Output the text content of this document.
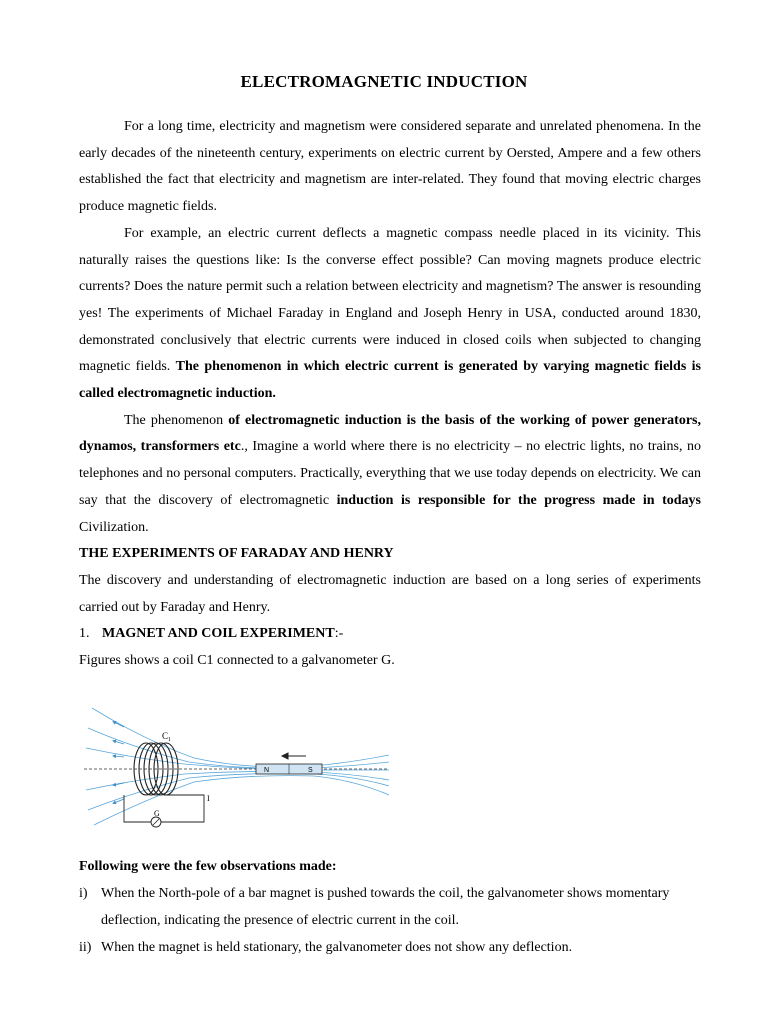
ELECTROMAGNETIC INDUCTION

For a long time, electricity and magnetism were considered separate and unrelated phenomena. In the early decades of the nineteenth century, experiments on electric current by Oersted, Ampere and a few others established the fact that electricity and magnetism are inter-related. They found that moving electric charges produce magnetic fields.

For example, an electric current deflects a magnetic compass needle placed in its vicinity. This naturally raises the questions like: Is the converse effect possible? Can moving magnets produce electric currents? Does the nature permit such a relation between electricity and magnetism? The answer is resounding yes! The experiments of Michael Faraday in England and Joseph Henry in USA, conducted around 1830, demonstrated conclusively that electric currents were induced in closed coils when subjected to changing magnetic fields. The phenomenon in which electric current is generated by varying magnetic fields is called electromagnetic induction.

The phenomenon of electromagnetic induction is the basis of the working of power generators, dynamos, transformers etc., Imagine a world where there is no electricity – no electric lights, no trains, no telephones and no personal computers. Practically, everything that we use today depends on electricity. We can say that the discovery of electromagnetic induction is responsible for the progress made in todays Civilization.

THE EXPERIMENTS OF FARADAY AND HENRY

The discovery and understanding of electromagnetic induction are based on a long series of experiments carried out by Faraday and Henry.

1. MAGNET AND COIL EXPERIMENT:-

Figures shows a coil C1 connected to a galvanometer G.

$C_1$
G
I
N	S

Following were the few observations made:

i) When the North-pole of a bar magnet is pushed towards the coil, the galvanometer shows momentary deflection, indicating the presence of electric current in the coil.
ii) When the magnet is held stationary, the galvanometer does not show any deflection.
